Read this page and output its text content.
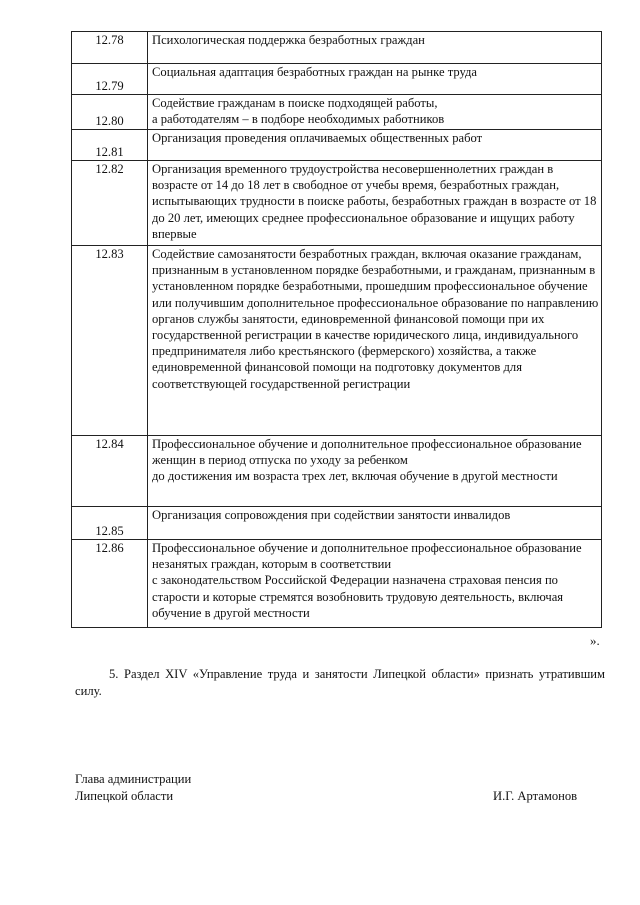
12.78	Психологическая поддержка безработных граждан
12.79	Социальная адаптация безработных граждан на рынке труда
12.80	Содействие гражданам в поиске подходящей работы,
а работодателям – в подборе необходимых работников
12.81	Организация проведения оплачиваемых общественных работ
12.82	Организация временного трудоустройства несовершеннолетних граждан в возрасте от 14 до 18 лет в свободное от учебы время, безработных граждан, испытывающих трудности в поиске работы, безработных граждан в возрасте от 18 до 20 лет, имеющих среднее профессиональное образование и ищущих работу впервые
12.83	Содействие самозанятости безработных граждан, включая оказание гражданам, признанным в установленном порядке безработными, и гражданам, признанным в установленном порядке безработными, прошедшим профессиональное обучение или получившим дополнительное профессиональное образование по направлению органов службы занятости, единовременной финансовой помощи при их государственной регистрации в качестве юридического лица, индивидуального предпринимателя либо крестьянского (фермерского) хозяйства, а также единовременной финансовой помощи на подготовку документов для соответствующей государственной регистрации
12.84	Профессиональное обучение и дополнительное профессиональное образование женщин в период отпуска по уходу за ребенком
до достижения им возраста трех лет, включая обучение в другой местности
12.85	Организация сопровождения при содействии занятости инвалидов
12.86	Профессиональное обучение и дополнительное профессиональное образование незанятых граждан, которым в соответствии
с законодательством Российской Федерации назначена страховая пенсия по старости и которые стремятся возобновить трудовую деятельность, включая обучение в другой местности
».

5. Раздел XIV «Управление труда и занятости Липецкой области» признать утратившим силу.

Глава администрации
Липецкой области	И.Г. Артамонов
